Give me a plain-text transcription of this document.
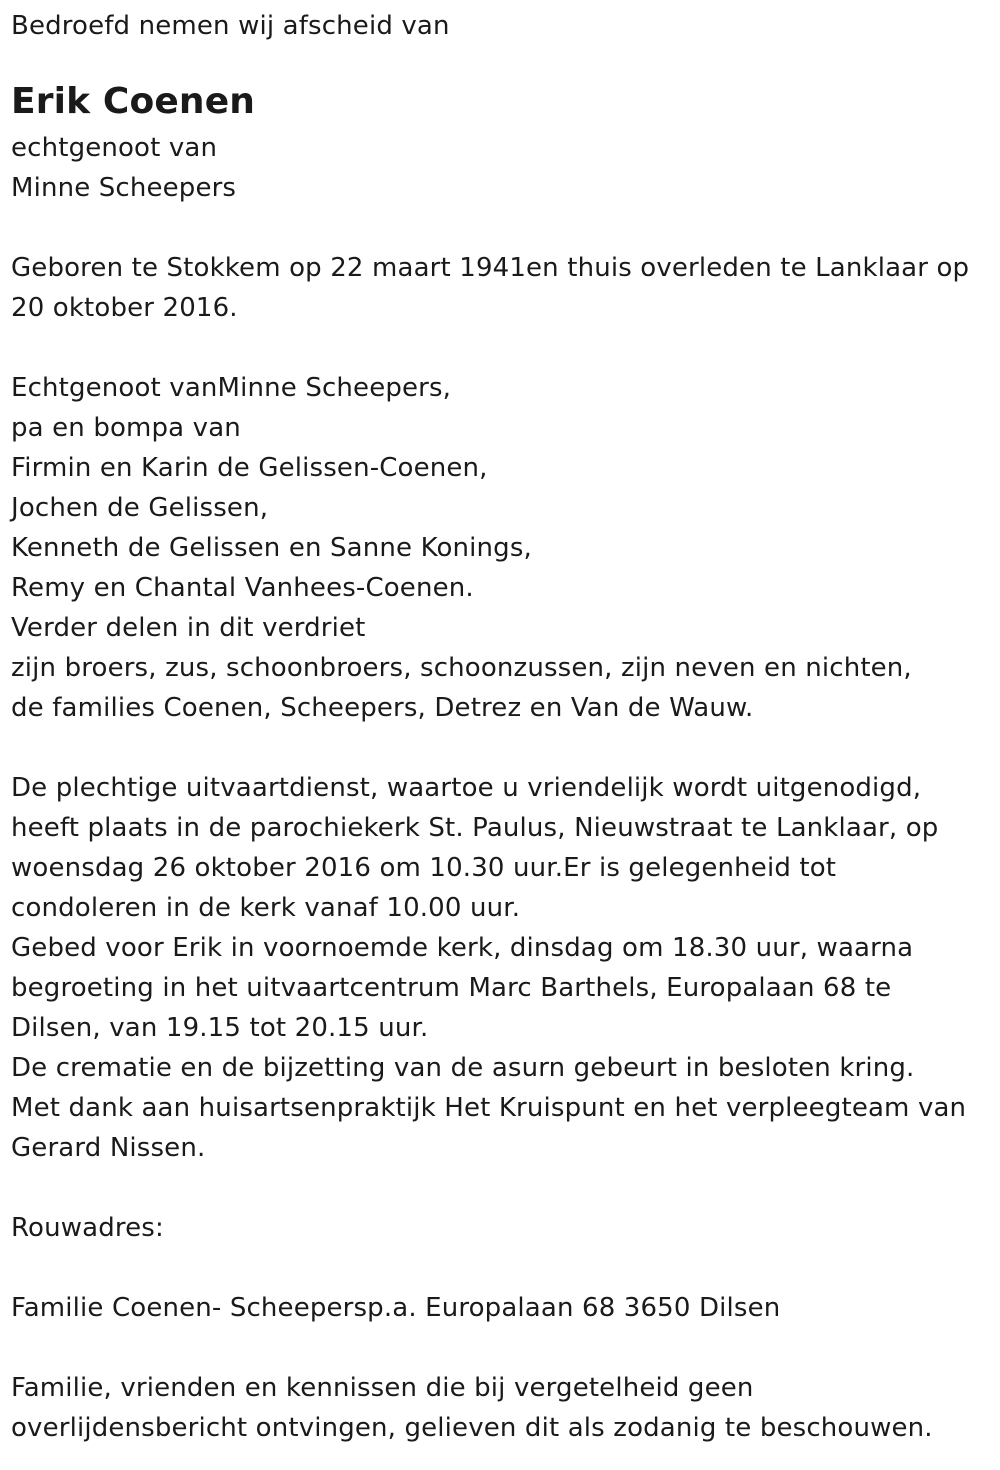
Bedroefd nemen wij afscheid van
Erik Coenen
echtgenoot van
Minne Scheepers
Geboren te Stokkem op 22 maart 1941en thuis overleden te Lanklaar op
20 oktober 2016.
Echtgenoot vanMinne Scheepers,
pa en bompa van
Firmin en Karin de Gelissen-Coenen,
Jochen de Gelissen,
Kenneth de Gelissen en Sanne Konings,
Remy en Chantal Vanhees-Coenen.
Verder delen in dit verdriet
zijn broers, zus, schoonbroers, schoonzussen, zijn neven en nichten,
de families Coenen, Scheepers, Detrez en Van de Wauw.
De plechtige uitvaartdienst, waartoe u vriendelijk wordt uitgenodigd,
heeft plaats in de parochiekerk St. Paulus, Nieuwstraat te Lanklaar, op
woensdag 26 oktober 2016 om 10.30 uur.Er is gelegenheid tot
condoleren in de kerk vanaf 10.00 uur.
Gebed voor Erik in voornoemde kerk, dinsdag om 18.30 uur, waarna
begroeting in het uitvaartcentrum Marc Barthels, Europalaan 68 te
Dilsen, van 19.15 tot 20.15 uur.
De crematie en de bijzetting van de asurn gebeurt in besloten kring.
Met dank aan huisartsenpraktijk Het Kruispunt en het verpleegteam van
Gerard Nissen.
Rouwadres:
Familie Coenen- Scheepersp.a. Europalaan 68 3650 Dilsen
Familie, vrienden en kennissen die bij vergetelheid geen
overlijdensbericht ontvingen, gelieven dit als zodanig te beschouwen.
